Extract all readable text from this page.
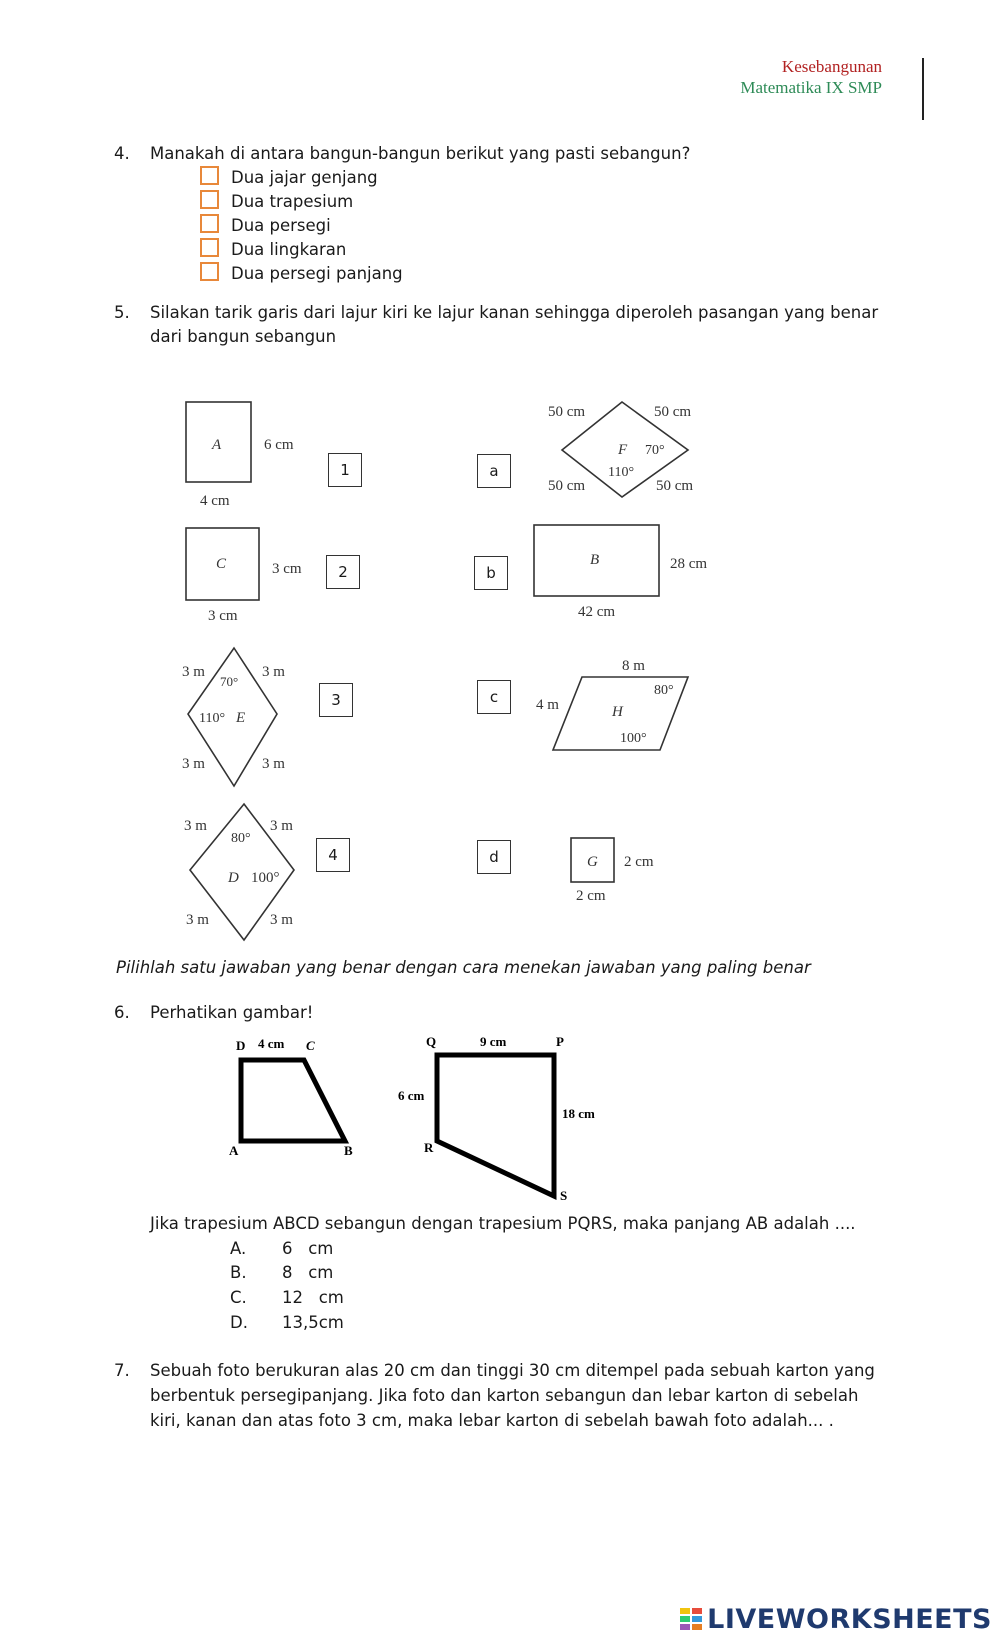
Kesebangunan
Matematika IX SMP
4. Manakah di antara bangun-bangun berikut yang pasti sebangun?
Dua jajar genjang
Dua trapesium
Dua persegi
Dua lingkaran
Dua persegi panjang
5. Silakan tarik garis dari lajur kiri ke lajur kanan sehingga diperoleh pasangan yang benar
dari bangun sebangun
A	6 cm
4 cm
C	3 cm
3 cm
3 m	3 m
70°
110° E
3 m	3 m
3 m	3 m
80°
D 100°
3 m	3 m
50 cm	50 cm
F 70°
110°
50 cm	50 cm
B	28 cm
42 cm
8 m
4 m
80°
H
100°
G 2 cm
2 cm
1
2
3
4
a
b
c
d
Pilihlah satu jawaban yang benar dengan cara menekan jawaban yang paling benar
6. Perhatikan gambar!
D 4 cm C
A	B
Q	9 cm	P
6 cm
18 cm
R
S
Jika trapesium ABCD sebangun dengan trapesium PQRS, maka panjang AB adalah ....
A. 6   cm
B. 8   cm
C. 12   cm
D. 13,5cm
7. Sebuah foto berukuran alas 20 cm dan tinggi 30 cm ditempel pada sebuah karton yang
berbentuk persegipanjang. Jika foto dan karton sebangun dan lebar karton di sebelah
kiri, kanan dan atas foto 3 cm, maka lebar karton di sebelah bawah foto adalah... .
LIVEWORKSHEETS
